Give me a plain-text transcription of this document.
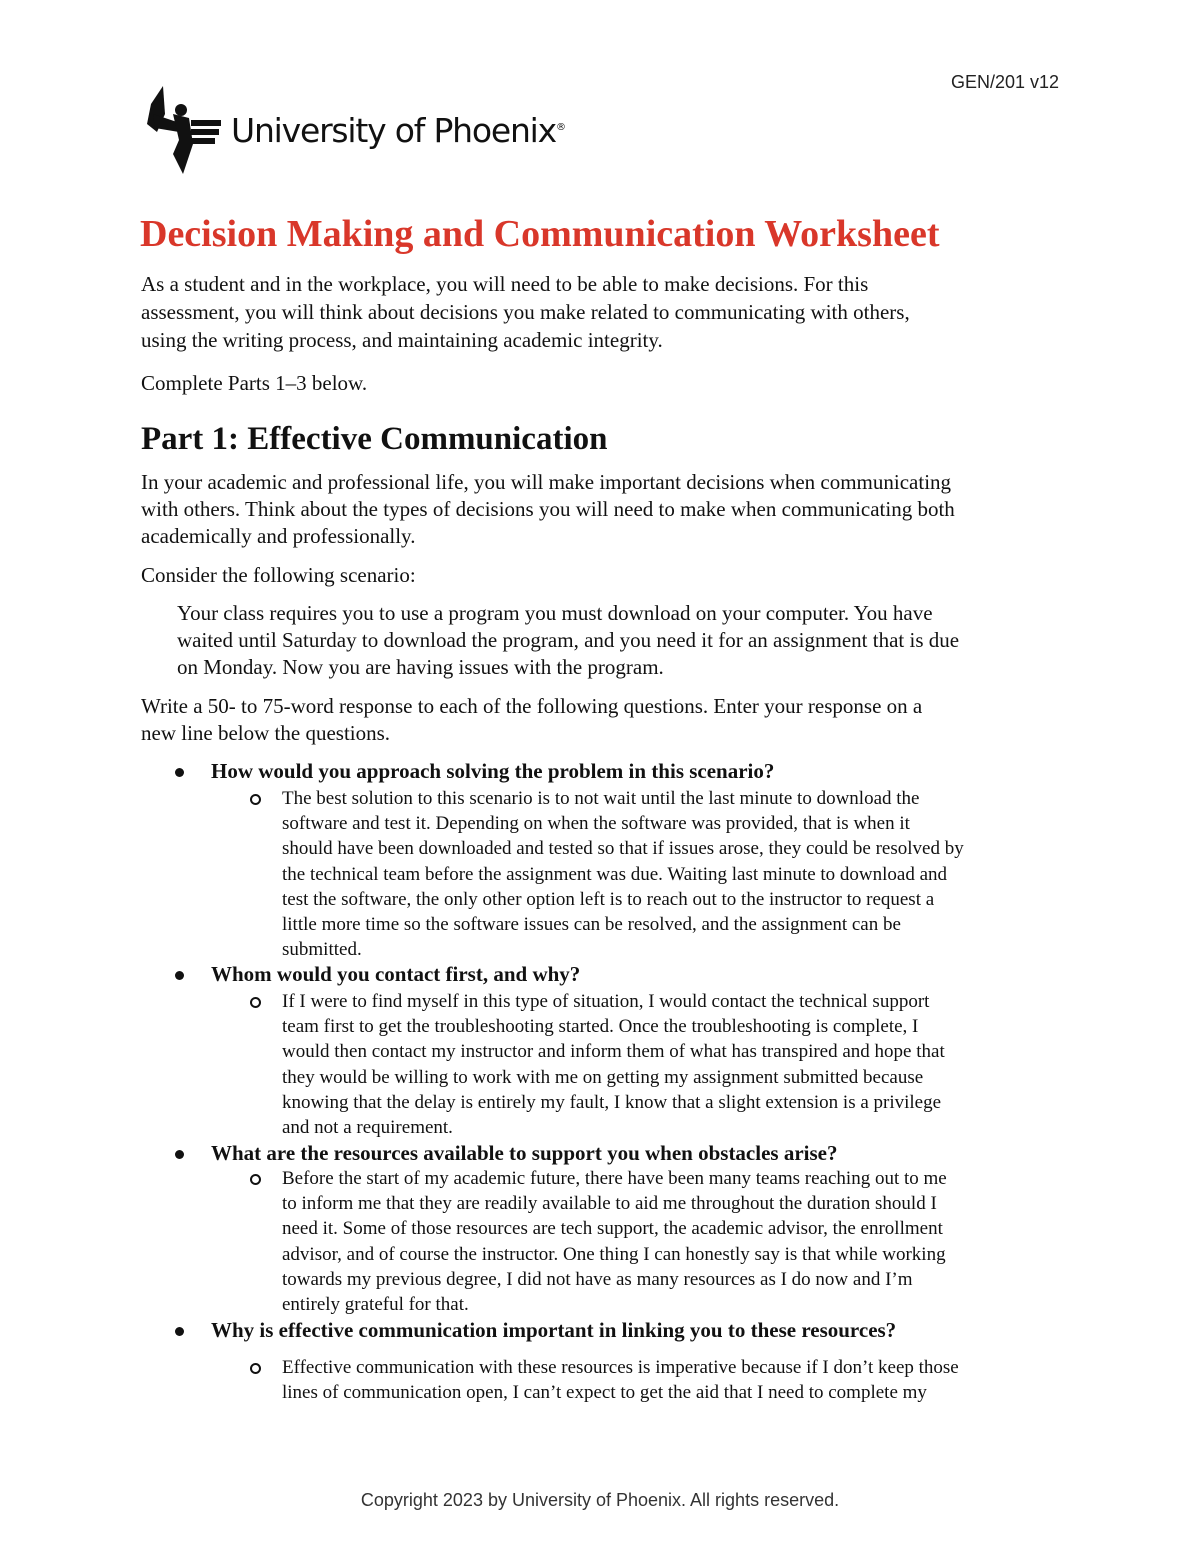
GEN/201 v12
University of Phoenix®
Decision Making and Communication Worksheet
As a student and in the workplace, you will need to be able to make decisions. For this
assessment, you will think about decisions you make related to communicating with others,
using the writing process, and maintaining academic integrity.
Complete Parts 1–3 below.
Part 1: Effective Communication
In your academic and professional life, you will make important decisions when communicating
with others. Think about the types of decisions you will need to make when communicating both
academically and professionally.
Consider the following scenario:
Your class requires you to use a program you must download on your computer. You have
waited until Saturday to download the program, and you need it for an assignment that is due
on Monday. Now you are having issues with the program.
Write a 50- to 75-word response to each of the following questions. Enter your response on a
new line below the questions.
How would you approach solving the problem in this scenario?
The best solution to this scenario is to not wait until the last minute to download the
software and test it. Depending on when the software was provided, that is when it
should have been downloaded and tested so that if issues arose, they could be resolved by
the technical team before the assignment was due. Waiting last minute to download and
test the software, the only other option left is to reach out to the instructor to request a
little more time so the software issues can be resolved, and the assignment can be
submitted.
Whom would you contact first, and why?
If I were to find myself in this type of situation, I would contact the technical support
team first to get the troubleshooting started. Once the troubleshooting is complete, I
would then contact my instructor and inform them of what has transpired and hope that
they would be willing to work with me on getting my assignment submitted because
knowing that the delay is entirely my fault, I know that a slight extension is a privilege
and not a requirement.
What are the resources available to support you when obstacles arise?
Before the start of my academic future, there have been many teams reaching out to me
to inform me that they are readily available to aid me throughout the duration should I
need it. Some of those resources are tech support, the academic advisor, the enrollment
advisor, and of course the instructor. One thing I can honestly say is that while working
towards my previous degree, I did not have as many resources as I do now and I’m
entirely grateful for that.
Why is effective communication important in linking you to these resources?
Effective communication with these resources is imperative because if I don’t keep those
lines of communication open, I can’t expect to get the aid that I need to complete my
Copyright 2023 by University of Phoenix. All rights reserved.
